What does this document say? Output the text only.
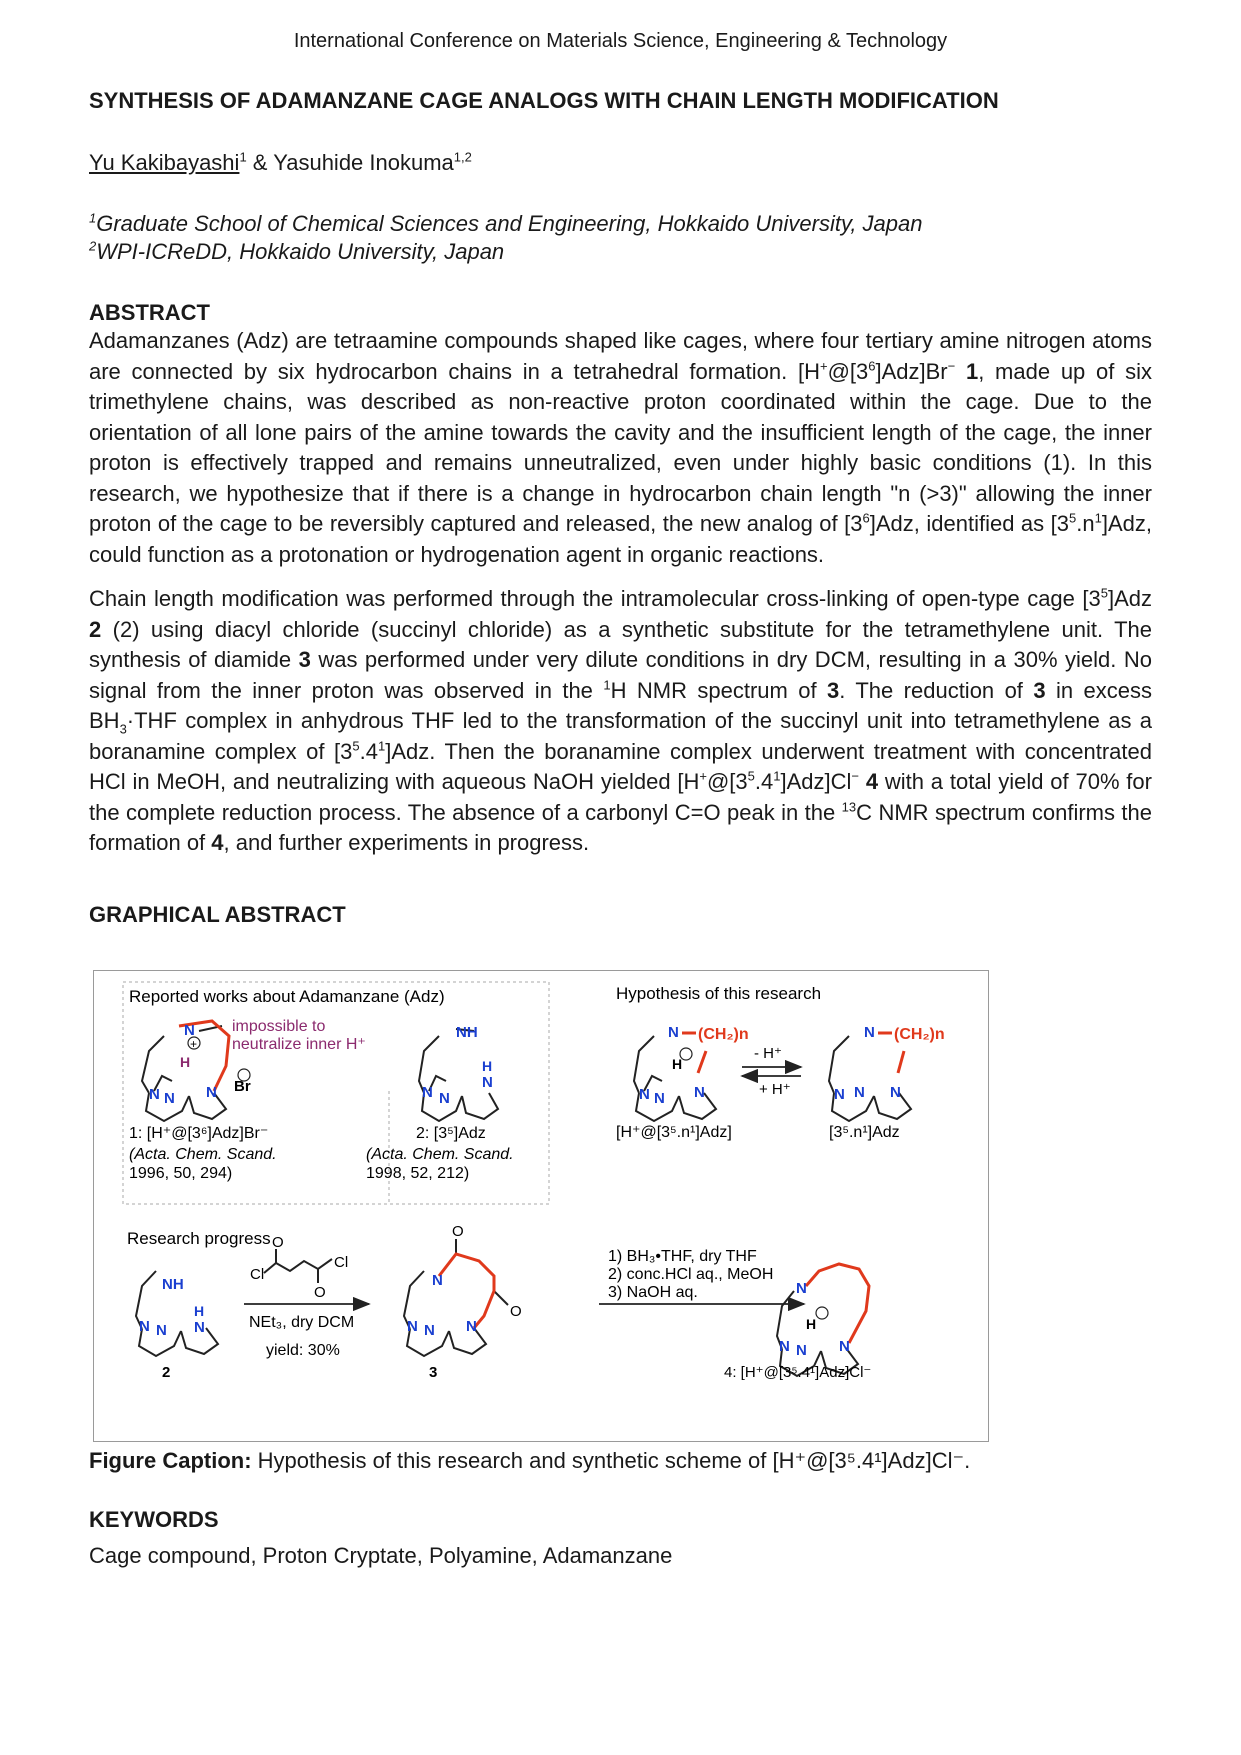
International Conference on Materials Science, Engineering & Technology
SYNTHESIS OF ADAMANZANE CAGE ANALOGS WITH CHAIN LENGTH MODIFICATION
Yu Kakibayashi$^1$ & Yasuhide Inokuma$^{1,2}$
$^1$Graduate School of Chemical Sciences and Engineering, Hokkaido University, Japan
$^2$WPI-ICReDD, Hokkaido University, Japan
ABSTRACT

Adamanzanes (Adz) are tetraamine compounds shaped like cages, where four tertiary amine nitrogen atoms are connected by six hydrocarbon chains in a tetrahedral formation. $[H^+@[3^6]Adz]Br^-$ 1, made up of six trimethylene chains, was described as non-reactive proton coordinated within the cage. Due to the orientation of all lone pairs of the amine towards the cavity and the insufficient length of the cage, the inner proton is effectively trapped and remains unneutralized, even under highly basic conditions (1). In this research, we hypothesize that if there is a change in hydrocarbon chain length "n (>3)" allowing the inner proton of the cage to be reversibly captured and released, the new analog of $[3^6]Adz$, identified as $[3^5.n^1]Adz$, could function as a protonation or hydrogenation agent in organic reactions.

Chain length modification was performed through the intramolecular cross-linking of open-type cage $[3^5]Adz$ 2 (2) using diacyl chloride (succinyl chloride) as a synthetic substitute for the tetramethylene unit. The synthesis of diamide 3 was performed under very dilute conditions in dry DCM, resulting in a 30% yield. No signal from the inner proton was observed in the $^1$H NMR spectrum of 3. The reduction of 3 in excess $BH_3\cdot THF$ complex in anhydrous THF led to the transformation of the succinyl unit into tetramethylene as a boranamine complex of $[3^5.4^1]Adz$. Then the boranamine complex underwent treatment with concentrated HCl in MeOH, and neutralizing with aqueous NaOH yielded $[H^+@[3^5.4^1]Adz]Cl^-$ 4 with a total yield of 70% for the complete reduction process. The absence of a carbonyl C=O peak in the $^{13}$C NMR spectrum confirms the formation of 4, and further experiments in progress.

GRAPHICAL ABSTRACT
Reported works about Adamanzane (Adz)	Hypothesis of this research
Research progress
N
N N N
H
+
impossible to
neutralize inner H⁺
Br
1: [H⁺@[3⁶]Adz]Br⁻
(Acta. Chem. Scand.
1996, 50, 294)
NH
N N
H
N
2: [3⁵]Adz
(Acta. Chem. Scand.
1998, 52, 212)
N (CH₂)n
N N N
H
- H⁺
+ H⁺
N (CH₂)n
N N N
[H⁺@[3⁵.n¹]Adz]	[3⁵.n¹]Adz
NH
N N
H
N
2
O
Cl
Cl
O
NEt₃, dry DCM
yield: 30%
O
O
N
N N N
3
1) BH₃•THF, dry THF
2) conc.HCl aq., MeOH
3) NaOH aq.	N
N N N
H
4: [H⁺@[3⁵.4¹]Adz]Cl⁻
Figure Caption: Hypothesis of this research and synthetic scheme of [H⁺@[3⁵.4¹]Adz]Cl⁻.
KEYWORDS
Cage compound, Proton Cryptate, Polyamine, Adamanzane
